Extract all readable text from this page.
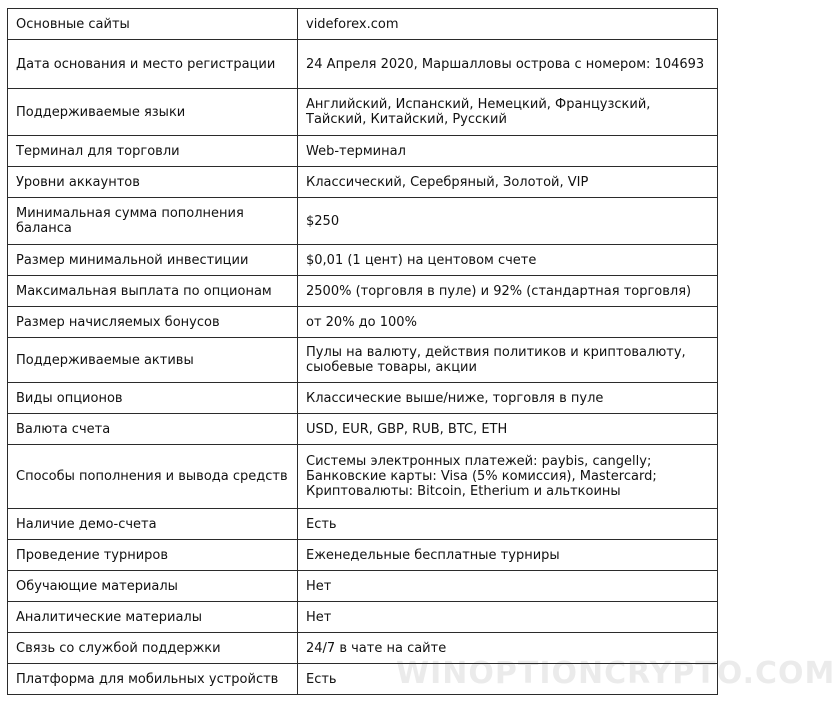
Основные сайты	videforex.com
Дата основания и место регистрации	24 Апреля 2020, Маршалловы острова с номером: 104693
Поддерживаемые языки	Английский, Испанский, Немецкий, Французский, Тайский, Китайский, Русский
Терминал для торговли	Web-терминал
Уровни аккаунтов	Классический, Серебряный, Золотой, VIP
Минимальная сумма пополнения баланса	$250
Размер минимальной инвестиции	$0,01 (1 цент) на центовом счете
Максимальная выплата по опционам	2500% (торговля в пуле) и 92% (стандартная торговля)
Размер начисляемых бонусов	от 20% до 100%
Поддерживаемые активы	Пулы на валюту, действия политиков и криптовалюту, сыобевые товары, акции
Виды опционов	Классические выше/ниже, торговля в пуле
Валюта счета	USD, EUR, GBP, RUB, BTC, ETH
Способы пополнения и вывода средств	Системы электронных платежей: paybis, cangelly; Банковские карты: Visa (5% комиссия), Mastercard; Криптовалюты: Bitcoin, Etherium и альткоины
Наличие демо-счета	Есть
Проведение турниров	Еженедельные бесплатные турниры
Обучающие материалы	Нет
Аналитические материалы	Нет
Связь со службой поддержки	24/7 в чате на сайте
Платформа для мобильных устройств	Есть WINOPTIONCRYPTO.COM
